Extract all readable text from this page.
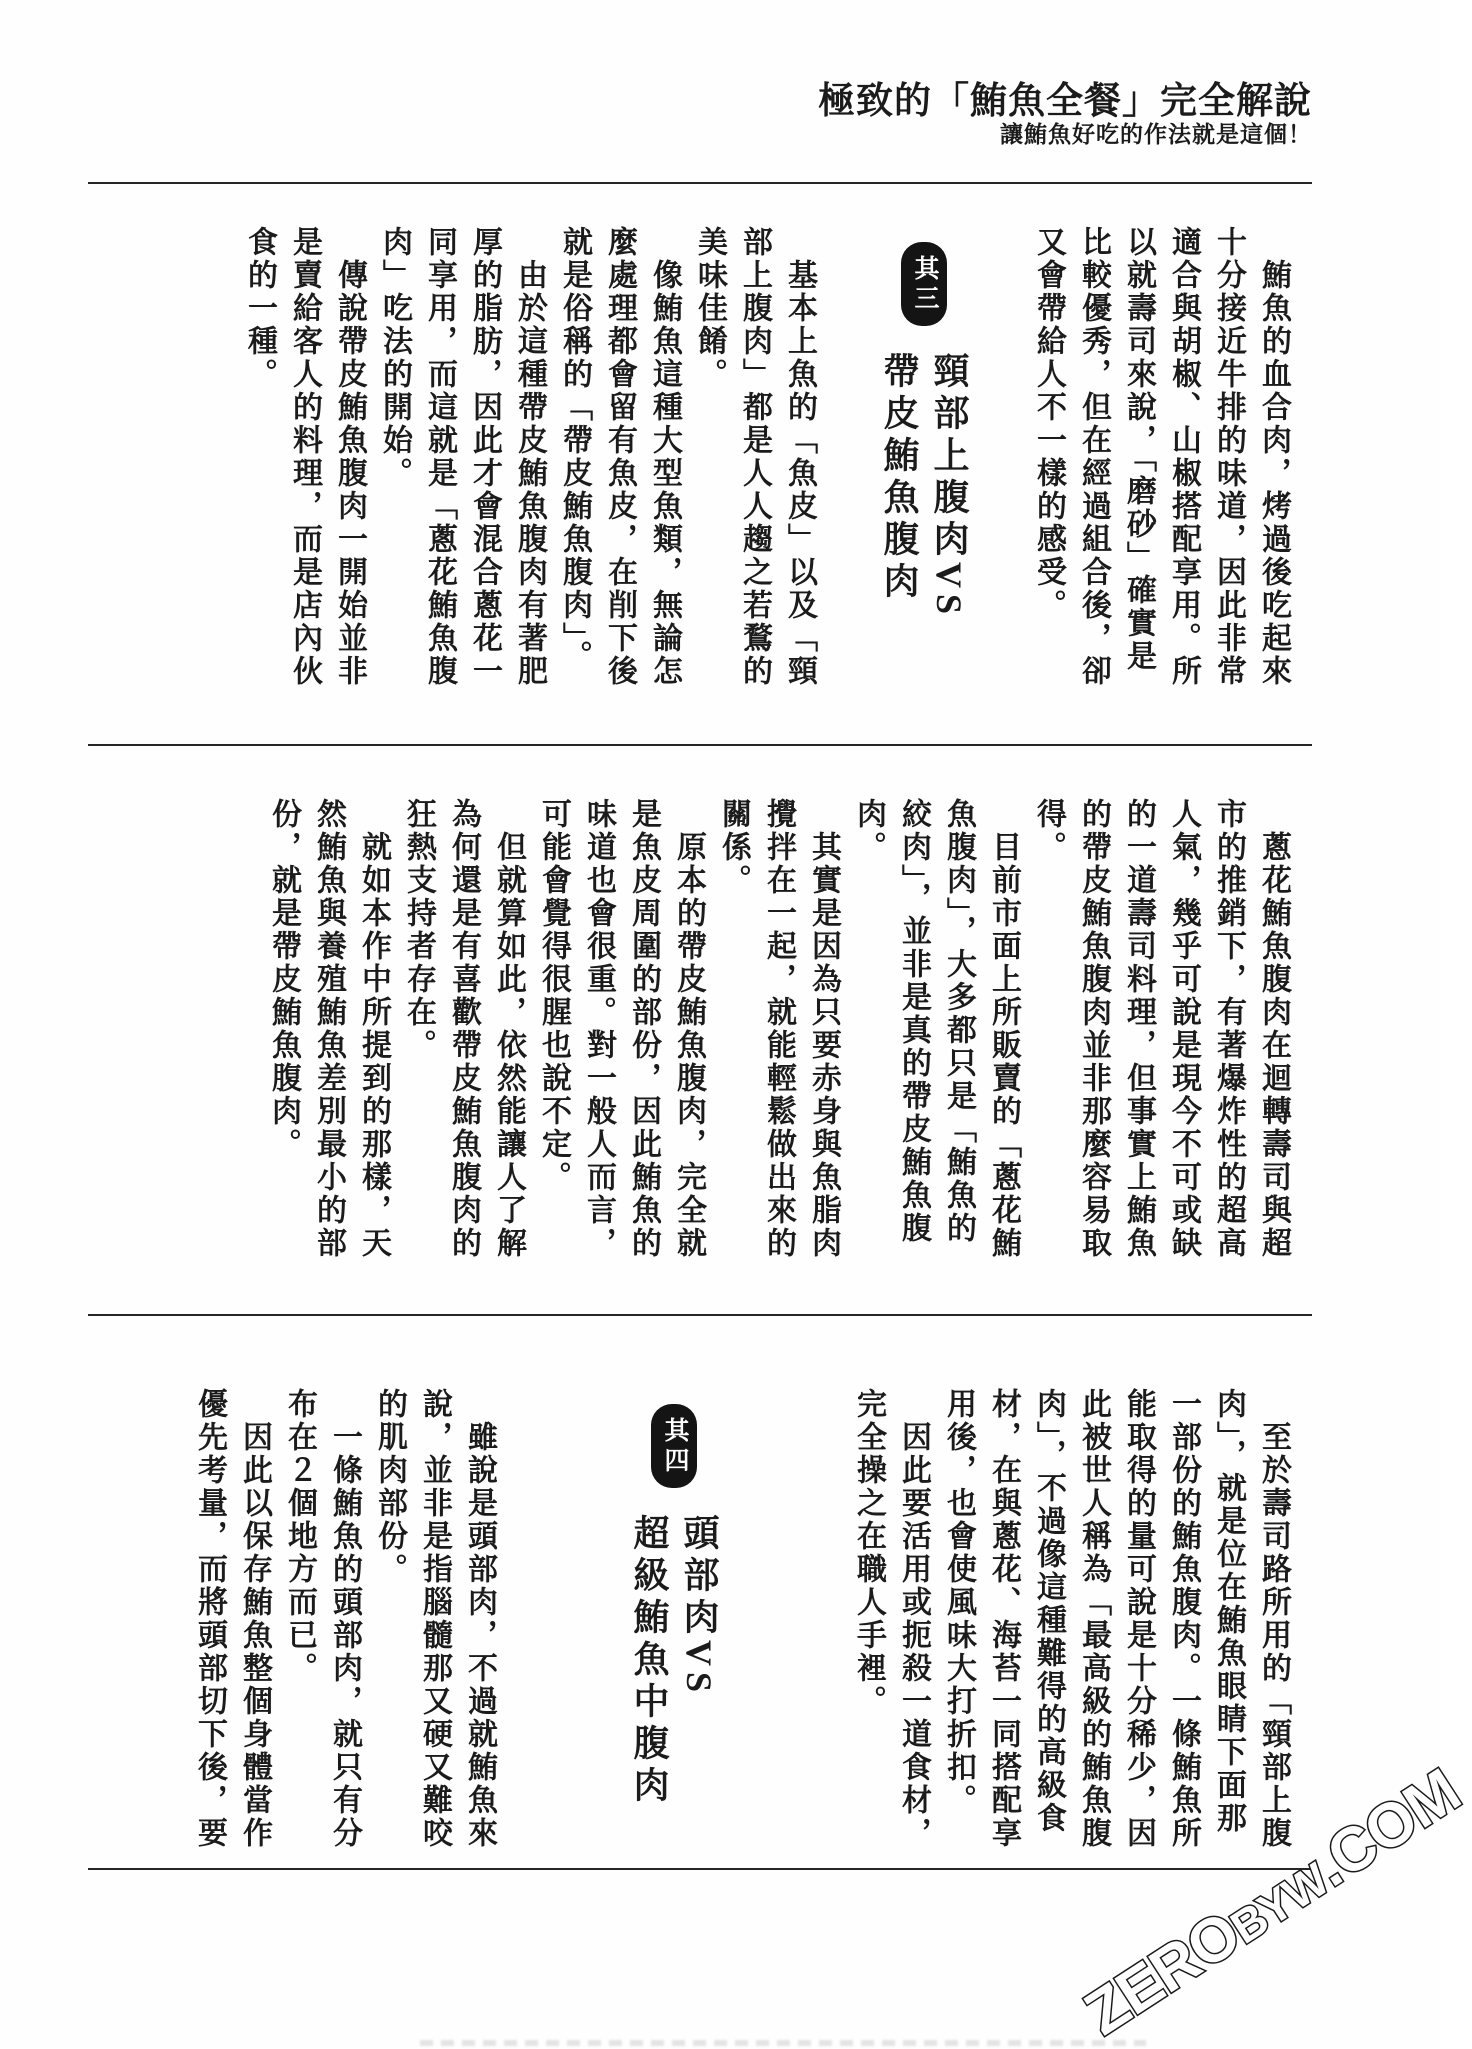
極致的「鮪魚全餐」完全解說
讓鮪魚好吃的作法就是這個！

鮪魚的血合肉，烤過後吃起來十分接近牛排的味道，因此非常適合與胡椒、山椒搭配享用。所以就壽司來說，「磨砂」確實是比較優秀，但在經過組合後，卻又會帶給人不一樣的感受。

其三
頸部上腹肉VS
帶皮鮪魚腹肉

基本上魚的「魚皮」以及「頸部上腹肉」都是人人趨之若鶩的美味佳餚。

像鮪魚這種大型魚類，無論怎麼處理都會留有魚皮，在削下後就是俗稱的「帶皮鮪魚腹肉」。

由於這種帶皮鮪魚腹肉有著肥厚的脂肪，因此才會混合蔥花一同享用，而這就是「蔥花鮪魚腹肉」吃法的開始。

傳說帶皮鮪魚腹肉一開始並非是賣給客人的料理，而是店內伙食的一種。

蔥花鮪魚腹肉在迴轉壽司與超市的推銷下，有著爆炸性的超高人氣，幾乎可說是現今不可或缺的一道壽司料理，但事實上鮪魚的帶皮鮪魚腹肉並非那麼容易取得。

目前市面上所販賣的「蔥花鮪魚腹肉」，大多都只是「鮪魚的絞肉」，並非是真的帶皮鮪魚腹肉。

其實是因為只要赤身與魚脂肉攪拌在一起，就能輕鬆做出來的關係。

原本的帶皮鮪魚腹肉，完全就是魚皮周圍的部份，因此鮪魚的味道也會很重。對一般人而言，可能會覺得很腥也說不定。

但就算如此，依然能讓人了解為何還是有喜歡帶皮鮪魚腹肉的狂熱支持者存在。

就如本作中所提到的那樣，天然鮪魚與養殖鮪魚差別最小的部份，就是帶皮鮪魚腹肉。

至於壽司路所用的「頸部上腹肉」，就是位在鮪魚眼睛下面那一部份的鮪魚腹肉。一條鮪魚所能取得的量可說是十分稀少，因此被世人稱為「最高級的鮪魚腹肉」，不過像這種難得的高級食材，在與蔥花、海苔一同搭配享用後，也會使風味大打折扣。

因此要活用或扼殺一道食材，完全操之在職人手裡。

其四
頭部肉VS
超級鮪魚中腹肉

雖說是頭部肉，不過就鮪魚來說，並非是指腦髓那又硬又難咬的肌肉部份。

一條鮪魚的頭部肉，就只有分布在２個地方而已。

因此以保存鮪魚整個身體當作優先考量，而將頭部切下後，要

ZEROBYW.COM
